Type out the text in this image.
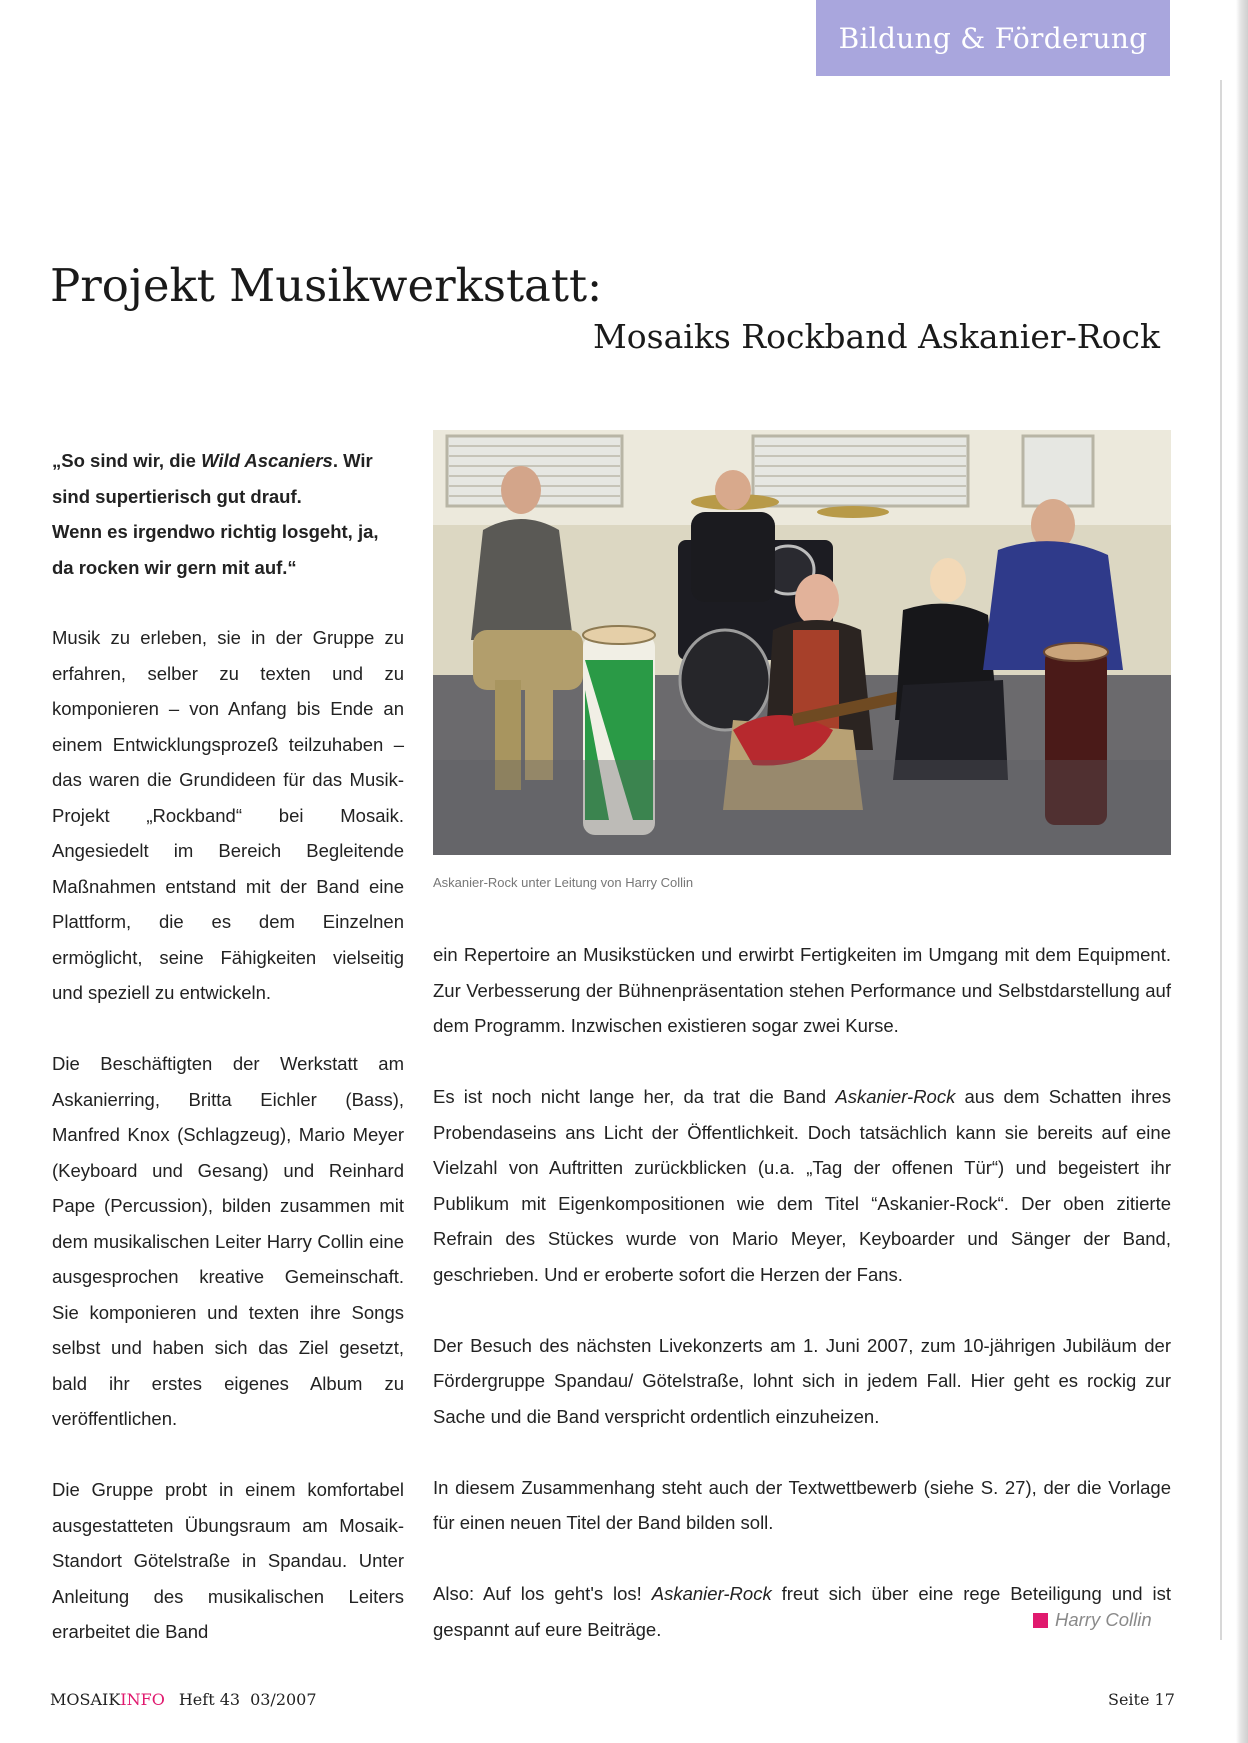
Bildung & Förderung
Projekt Musikwerkstatt:
Mosaiks Rockband Askanier-Rock

„So sind wir, die Wild Ascaniers. Wir sind supertierisch gut drauf.

Wenn es irgendwo richtig losgeht, ja, da rocken wir gern mit auf.“

Musik zu erleben, sie in der Gruppe zu erfahren, selber zu texten und zu komponieren – von Anfang bis Ende an einem Entwicklungsprozeß teilzuhaben – das waren die Grundideen für das Musik-Projekt „Rockband“ bei Mosaik. Angesiedelt im Bereich Begleitende Maßnahmen entstand mit der Band eine Plattform, die es dem Einzelnen ermöglicht, seine Fähigkeiten vielseitig und speziell zu entwickeln.

Die Beschäftigten der Werkstatt am Askanierring, Britta Eichler (Bass), Manfred Knox (Schlagzeug), Mario Meyer (Keyboard und Gesang) und Reinhard Pape (Percussion), bilden zusammen mit dem musikalischen Leiter Harry Collin eine ausgesprochen kreative Gemeinschaft. Sie komponieren und texten ihre Songs selbst und haben sich das Ziel gesetzt, bald ihr erstes eigenes Album zu veröffentlichen.

Die Gruppe probt in einem komfortabel ausgestatteten Übungsraum am Mosaik-Standort Götelstraße in Spandau. Unter Anleitung des musikalischen Leiters erarbeitet die Band

Askanier-Rock unter Leitung von Harry Collin

ein Repertoire an Musikstücken und erwirbt Fertigkeiten im Umgang mit dem Equipment. Zur Verbesserung der Bühnenpräsentation stehen Performance und Selbstdarstellung auf dem Programm. Inzwischen existieren sogar zwei Kurse.

Es ist noch nicht lange her, da trat die Band Askanier-Rock aus dem Schatten ihres Probendaseins ans Licht der Öffentlichkeit. Doch tatsächlich kann sie bereits auf eine Vielzahl von Auftritten zurückblicken (u.a. „Tag der offenen Tür“) und begeistert ihr Publikum mit Eigenkompositionen wie dem Titel “Askanier-Rock“. Der oben zitierte Refrain des Stückes wurde von Mario Meyer, Keyboarder und Sänger der Band, geschrieben. Und er eroberte sofort die Herzen der Fans.

Der Besuch des nächsten Livekonzerts am 1. Juni 2007, zum 10-jährigen Jubiläum der Fördergruppe Spandau/ Götelstraße, lohnt sich in jedem Fall. Hier geht es rockig zur Sache und die Band verspricht ordentlich einzuheizen.

In diesem Zusammenhang steht auch der Textwettbewerb (siehe S. 27), der die Vorlage für einen neuen Titel der Band bilden soll.

Also: Auf los geht's los! Askanier-Rock freut sich über eine rege Beteiligung und ist gespannt auf eure Beiträge.	Harry Collin

MOSAIKINFO Heft 43 03/2007	Seite 17
